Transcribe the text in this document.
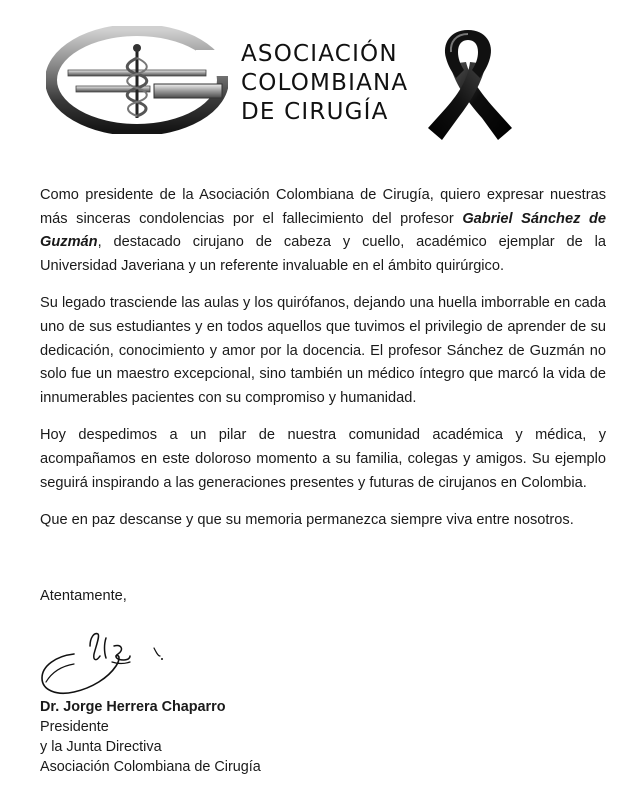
ASOCIACIÓN
COLOMBIANA
DE CIRUGÍA

Como presidente de la Asociación Colombiana de Cirugía, quiero expresar nuestras más sinceras condolencias por el fallecimiento del profesor Gabriel Sánchez de Guzmán, destacado cirujano de cabeza y cuello, académico ejemplar de la Universidad Javeriana y un referente invaluable en el ámbito quirúrgico.

Su legado trasciende las aulas y los quirófanos, dejando una huella imborrable en cada uno de sus estudiantes y en todos aquellos que tuvimos el privilegio de aprender de su dedicación, conocimiento y amor por la docencia. El profesor Sánchez de Guzmán no solo fue un maestro excepcional, sino también un médico íntegro que marcó la vida de innumerables pacientes con su compromiso y humanidad.

Hoy despedimos a un pilar de nuestra comunidad académica y médica, y acompañamos en este doloroso momento a su familia, colegas y amigos. Su ejemplo seguirá inspirando a las generaciones presentes y futuras de cirujanos en Colombia.

Que en paz descanse y que su memoria permanezca siempre viva entre nosotros.

Atentamente,

Dr. Jorge Herrera Chaparro
Presidente
y la Junta Directiva
Asociación Colombiana de Cirugía
